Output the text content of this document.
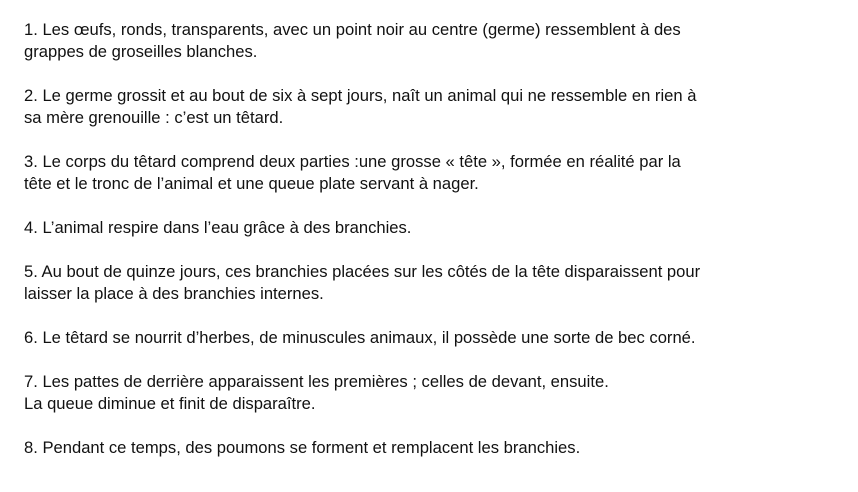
1. Les œufs, ronds, transparents, avec un point noir au centre (germe) ressemblent à des
grappes de groseilles blanches.

2. Le germe grossit et au bout de six à sept jours, naît un animal qui ne ressemble en rien à
sa mère grenouille : c’est un têtard.

3. Le corps du têtard comprend deux parties :une grosse « tête », formée en réalité par la
tête et le tronc de l’animal et une queue plate servant à nager.

4. L’animal respire dans l’eau grâce à des branchies.

5. Au bout de quinze jours, ces branchies placées sur les côtés de la tête disparaissent pour
laisser la place à des branchies internes.

6. Le têtard se nourrit d’herbes, de minuscules animaux, il possède une sorte de bec corné.

7. Les pattes de derrière apparaissent les premières ; celles de devant, ensuite.
La queue diminue et finit de disparaître.

8. Pendant ce temps, des poumons se forment et remplacent les branchies.
